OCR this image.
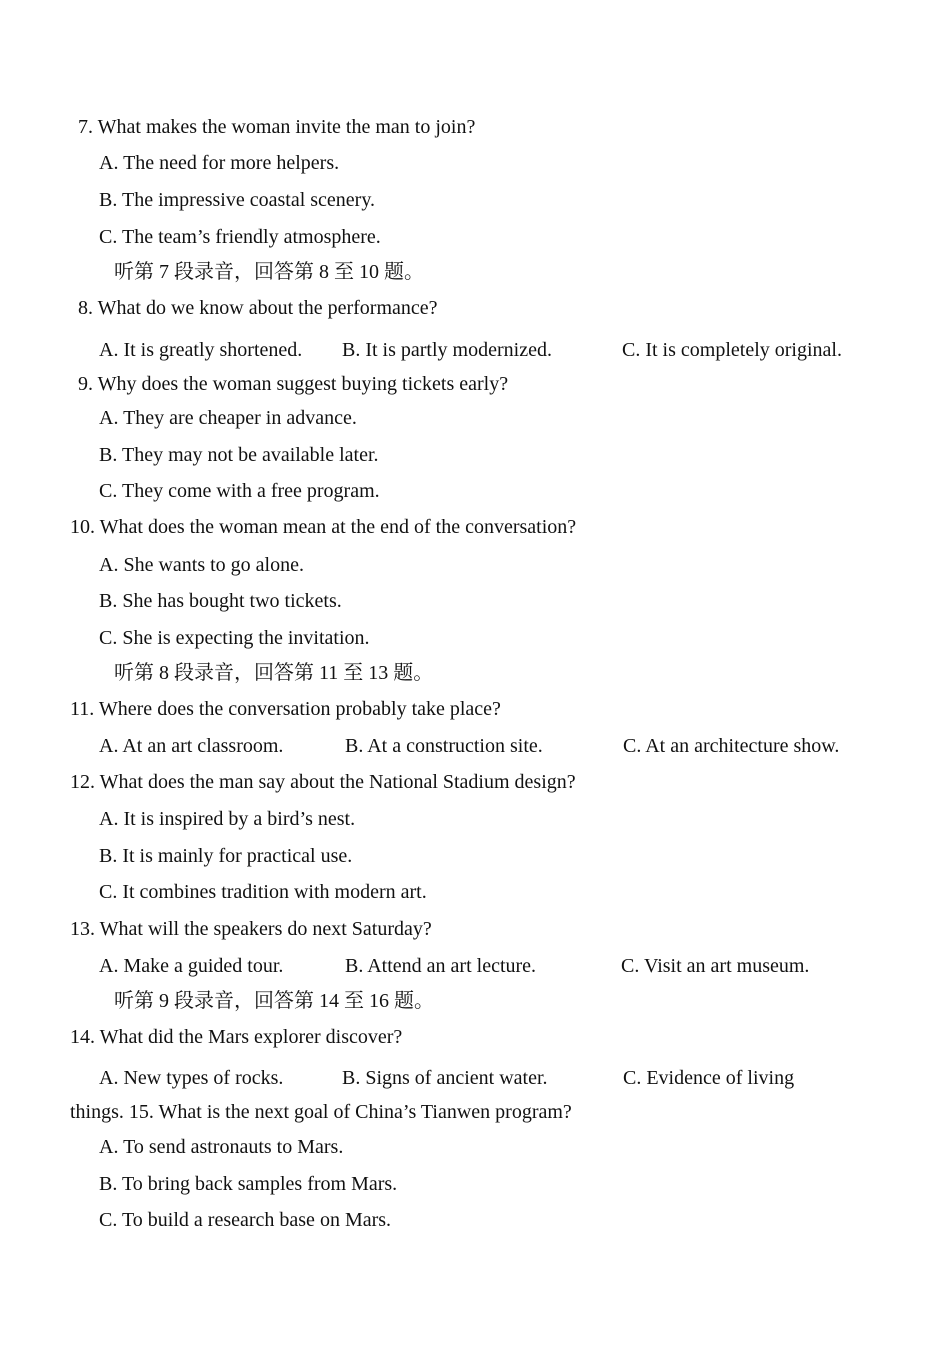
7. What makes the woman invite the man to join?
A. The need for more helpers.
B. The impressive coastal scenery.
C. The team’s friendly atmosphere.
听第 7 段录音，回答第 8 至 10 题。
8. What do we know about the performance?
A. It is greatly shortened. B. It is partly modernized.	C. It is completely original.
9. Why does the woman suggest buying tickets early?
A. They are cheaper in advance.
B. They may not be available later.
C. They come with a free program.
10. What does the woman mean at the end of the conversation?
A. She wants to go alone.
B. She has bought two tickets.
C. She is expecting the invitation.
听第 8 段录音，回答第 11 至 13 题。
11. Where does the conversation probably take place?
A. At an art classroom.	B. At a construction site.	C. At an architecture show.
12. What does the man say about the National Stadium design?
A. It is inspired by a bird’s nest.
B. It is mainly for practical use.
C. It combines tradition with modern art.
13. What will the speakers do next Saturday?
A. Make a guided tour.	B. Attend an art lecture.	C. Visit an art museum.
听第 9 段录音，回答第 14 至 16 题。
14. What did the Mars explorer discover?
A. New types of rocks.	B. Signs of ancient water.	C. Evidence of living
things. 15. What is the next goal of China’s Tianwen program?
A. To send astronauts to Mars.
B. To bring back samples from Mars.
C. To build a research base on Mars.
